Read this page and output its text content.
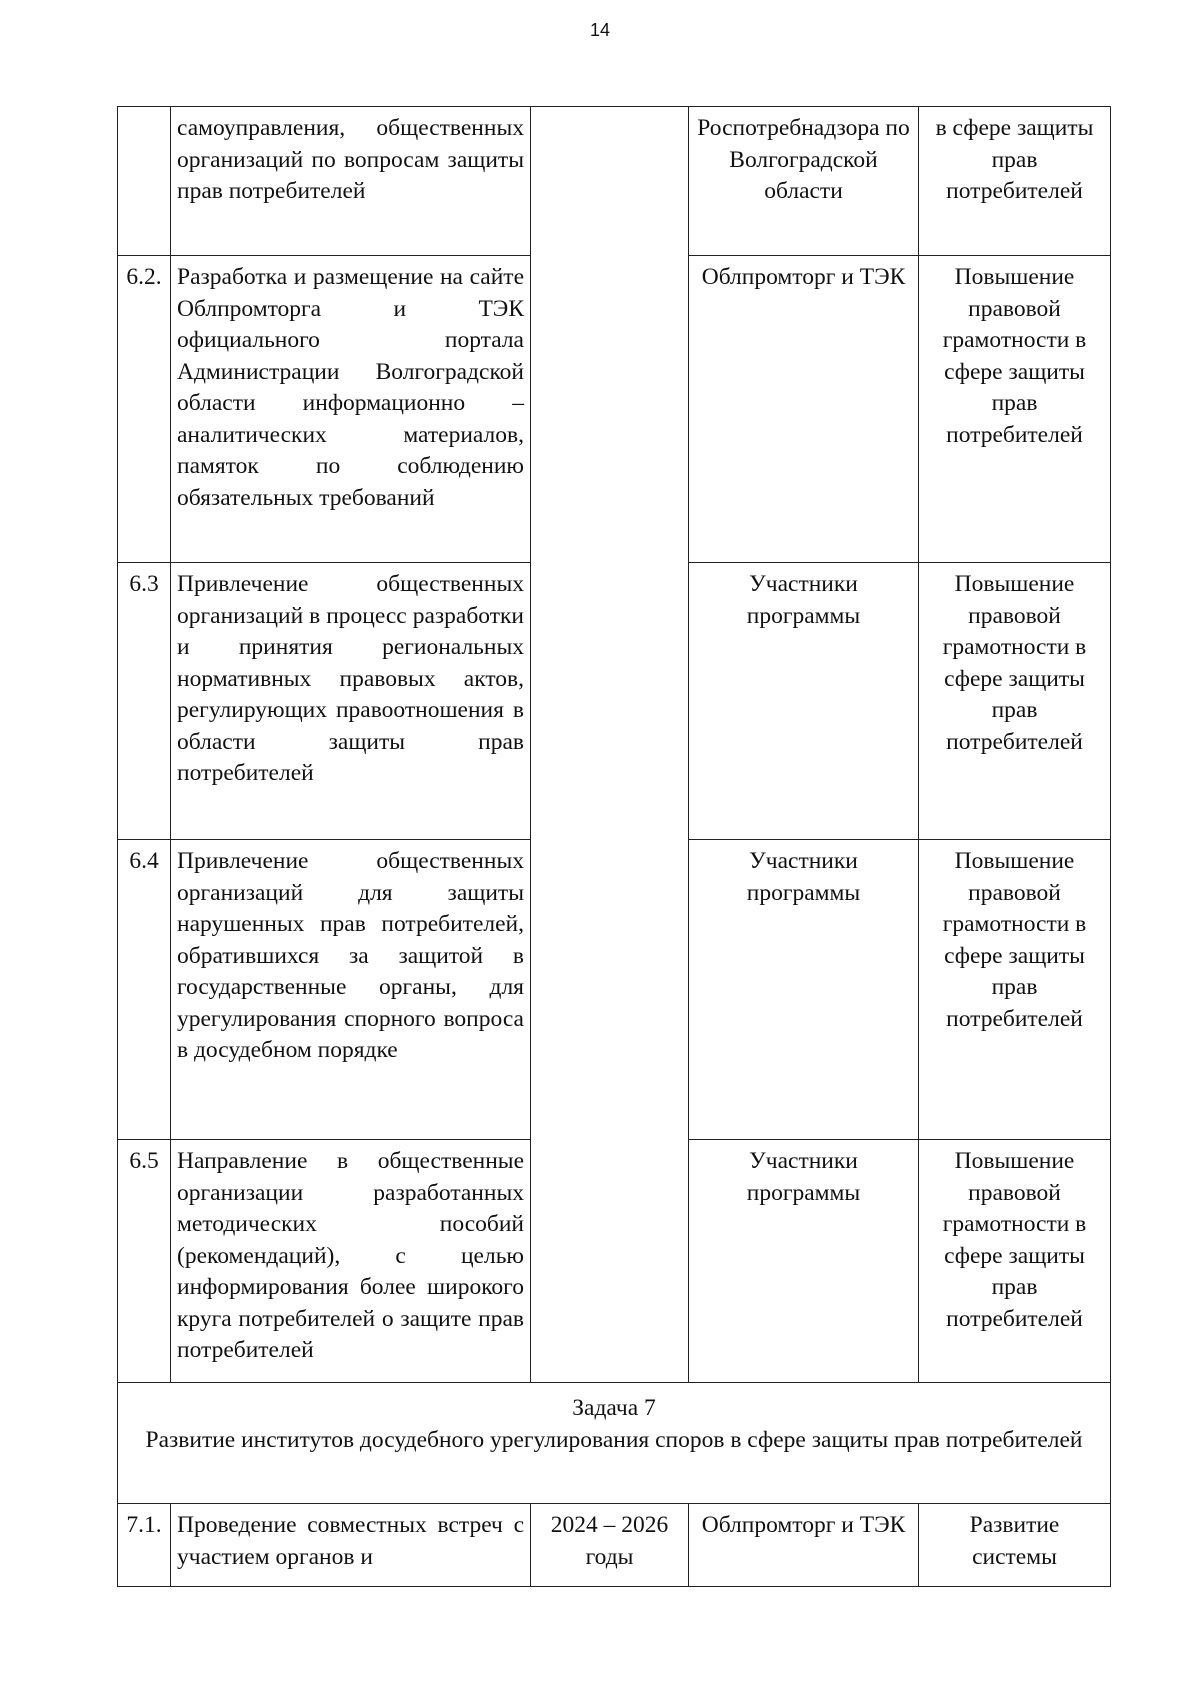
14
	самоуправления, общественных организаций по вопросам защиты прав потребителей		Роспотребнадзора по Волгоградской области	в сфере защиты прав потребителей
6.2.	Разработка и размещение на сайте Облпромторга и ТЭК официального портала Администрации Волгоградской области информационно – аналитических материалов, памяток по соблюдению обязательных требований		Облпромторг и ТЭК	Повышение правовой грамотности в сфере защиты прав потребителей
6.3	Привлечение общественных организаций в процесс разработки и принятия региональных нормативных правовых актов, регулирующих правоотношения в области защиты прав потребителей		Участники программы	Повышение правовой грамотности в сфере защиты прав потребителей
6.4	Привлечение общественных организаций для защиты нарушенных прав потребителей, обратившихся за защитой в государственные органы, для урегулирования спорного вопроса в досудебном порядке		Участники программы	Повышение правовой грамотности в сфере защиты прав потребителей
6.5	Направление в общественные организации разработанных методических пособий (рекомендаций), с целью информирования более широкого круга потребителей о защите прав потребителей		Участники программы	Повышение правовой грамотности в сфере защиты прав потребителей

Задача 7
Развитие институтов досудебного урегулирования споров в сфере защиты прав потребителей				

7.1.	Проведение совместных встреч с участием органов и	2024 – 2026 годы	Облпромторг и ТЭК	Развитие системы
